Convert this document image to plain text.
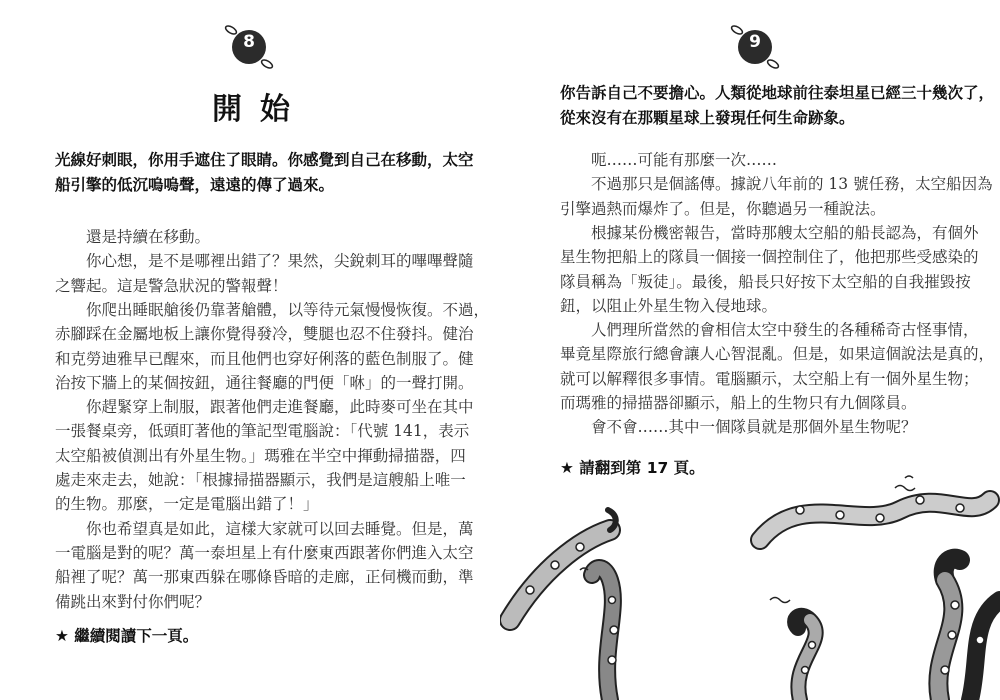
8
開始
光線好刺眼，你用手遮住了眼睛。你感覺到自己在移動，太空
船引擎的低沉嗚嗚聲，遠遠的傳了過來。
還是持續在移動。
你心想，是不是哪裡出錯了？果然，尖銳刺耳的嗶嗶聲隨
之響起。這是警急狀況的警報聲！
你爬出睡眠艙後仍靠著艙體，以等待元氣慢慢恢復。不過，
赤腳踩在金屬地板上讓你覺得發冷，雙腿也忍不住發抖。健治
和克勞迪雅早已醒來，而且他們也穿好俐落的藍色制服了。健
治按下牆上的某個按鈕，通往餐廳的門便「咻」的一聲打開。
你趕緊穿上制服，跟著他們走進餐廳，此時麥可坐在其中
一張餐桌旁，低頭盯著他的筆記型電腦說：「代號 141，表示
太空船被偵測出有外星生物。」瑪雅在半空中揮動掃描器，四
處走來走去，她說：「根據掃描器顯示，我們是這艘船上唯一
的生物。那麼，一定是電腦出錯了！」
你也希望真是如此，這樣大家就可以回去睡覺。但是，萬
一電腦是對的呢？萬一泰坦星上有什麼東西跟著你們進入太空
船裡了呢？萬一那東西躲在哪條昏暗的走廊，正伺機而動，準
備跳出來對付你們呢？
★ 繼續閱讀下一頁。
9
你告訴自己不要擔心。人類從地球前往泰坦星已經三十幾次了，
從來沒有在那顆星球上發現任何生命跡象。
呃……可能有那麼一次……
不過那只是個謠傳。據說八年前的 13 號任務，太空船因為
引擎過熱而爆炸了。但是，你聽過另一種說法。
根據某份機密報告，當時那艘太空船的船長認為，有個外
星生物把船上的隊員一個接一個控制住了，他把那些受感染的
隊員稱為「叛徒」。最後，船長只好按下太空船的自我摧毀按
鈕，以阻止外星生物入侵地球。
人們理所當然的會相信太空中發生的各種稀奇古怪事情，
畢竟星際旅行總會讓人心智混亂。但是，如果這個說法是真的，
就可以解釋很多事情。電腦顯示，太空船上有一個外星生物；
而瑪雅的掃描器卻顯示，船上的生物只有九個隊員。
會不會……其中一個隊員就是那個外星生物呢？
★ 請翻到第 17 頁。
